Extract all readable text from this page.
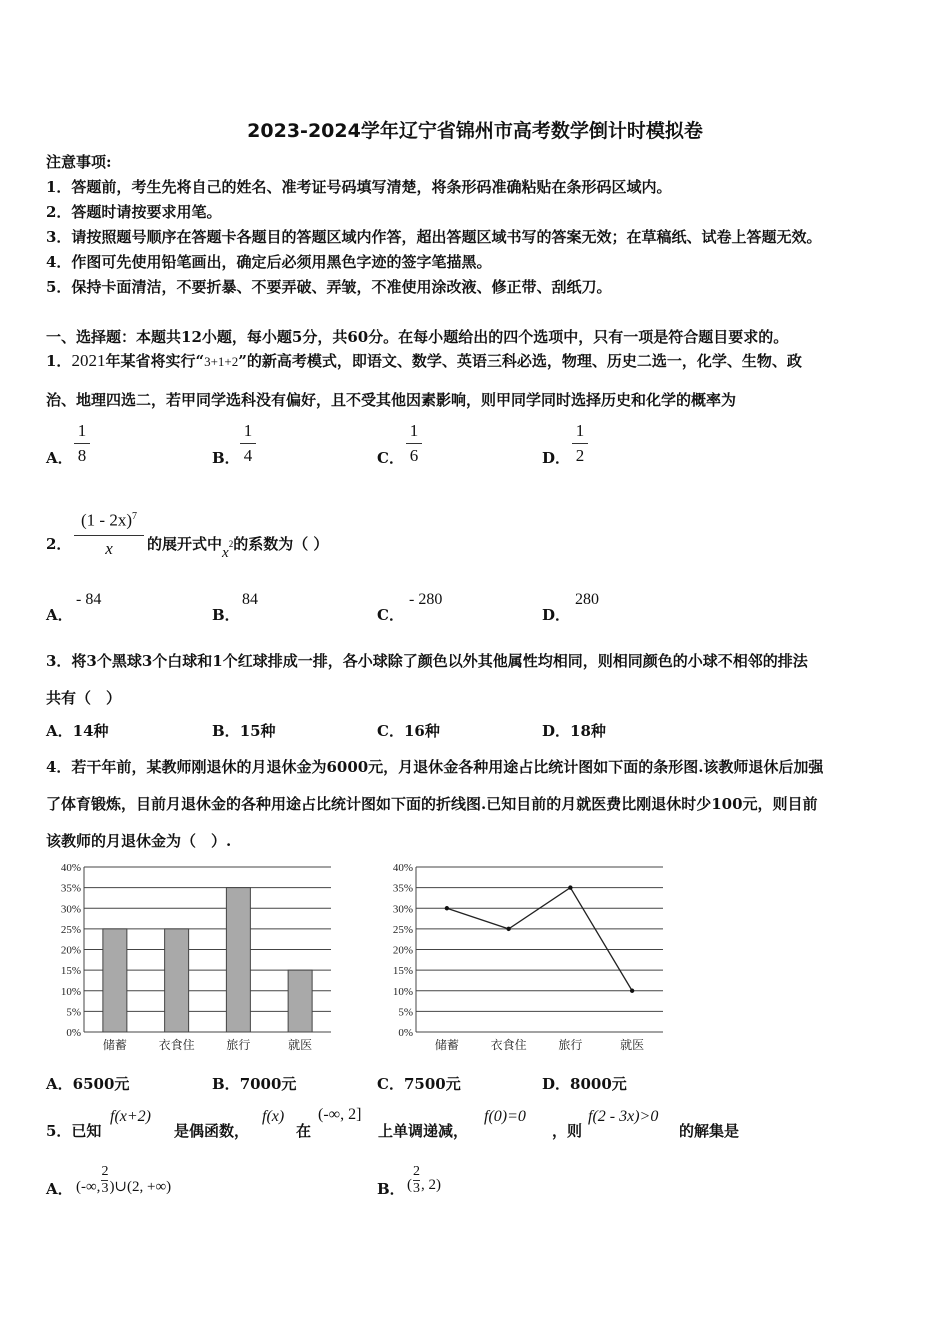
2023-2024学年辽宁省锦州市高考数学倒计时模拟卷
注意事项:
1．答题前，考生先将自己的姓名、准考证号码填写清楚，将条形码准确粘贴在条形码区域内。
2．答题时请按要求用笔。
3．请按照题号顺序在答题卡各题目的答题区域内作答，超出答题区域书写的答案无效；在草稿纸、试卷上答题无效。
4．作图可先使用铅笔画出，确定后必须用黑色字迹的签字笔描黑。
5．保持卡面清洁，不要折暴、不要弄破、弄皱，不准使用涂改液、修正带、刮纸刀。
一、选择题：本题共12小题，每小题5分，共60分。在每小题给出的四个选项中，只有一项是符合题目要求的。
1．2021年某省将实行“3+1+2”的新高考模式，即语文、数学、英语三科必选，物理、历史二选一，化学、生物、政
治、地理四选二，若甲同学选科没有偏好，且不受其他因素影响，则甲同学同时选择历史和化学的概率为
A．
1
8	B．
1
4	C．
1
6	D．
1
2
2．
(1 - 2x)$^7$
x	的展开式中$x^2$的系数为（ ）
A．
- 84
B．
84
C．
- 280
D．
280
3．将3个黑球3个白球和1个红球排成一排，各小球除了颜色以外其他属性均相同，则相同颜色的小球不相邻的排法
共有（　）
A．14种	B．15种	C．16种	D．18种
4．若干年前，某教师刚退休的月退休金为6000元，月退休金各种用途占比统计图如下面的条形图.该教师退休后加强
了体育锻炼，目前月退休金的各种用途占比统计图如下面的折线图.已知目前的月就医费比刚退休时少100元，则目前
该教师的月退休金为（　）.
0%
5%
10%
15%
20%
25%
30%
35%
40%
储蓄	衣食住	旅行	就医
0%
5%
10%
15%
20%
25%
30%
35%
40%
储蓄	衣食住	旅行	就医
A．6500元	B．7000元	C．7500元	D．8000元
5．已知
f(x+2)
是偶函数，
f(x)
在
(-∞, 2]
上单调递减，
f(0)=0
，则
f(2 - 3x)>0
的解集是
A． (-∞, $\frac{2}{3}$ )∪(2, +∞)	B． ( $\frac{2}{3}$ , 2)
